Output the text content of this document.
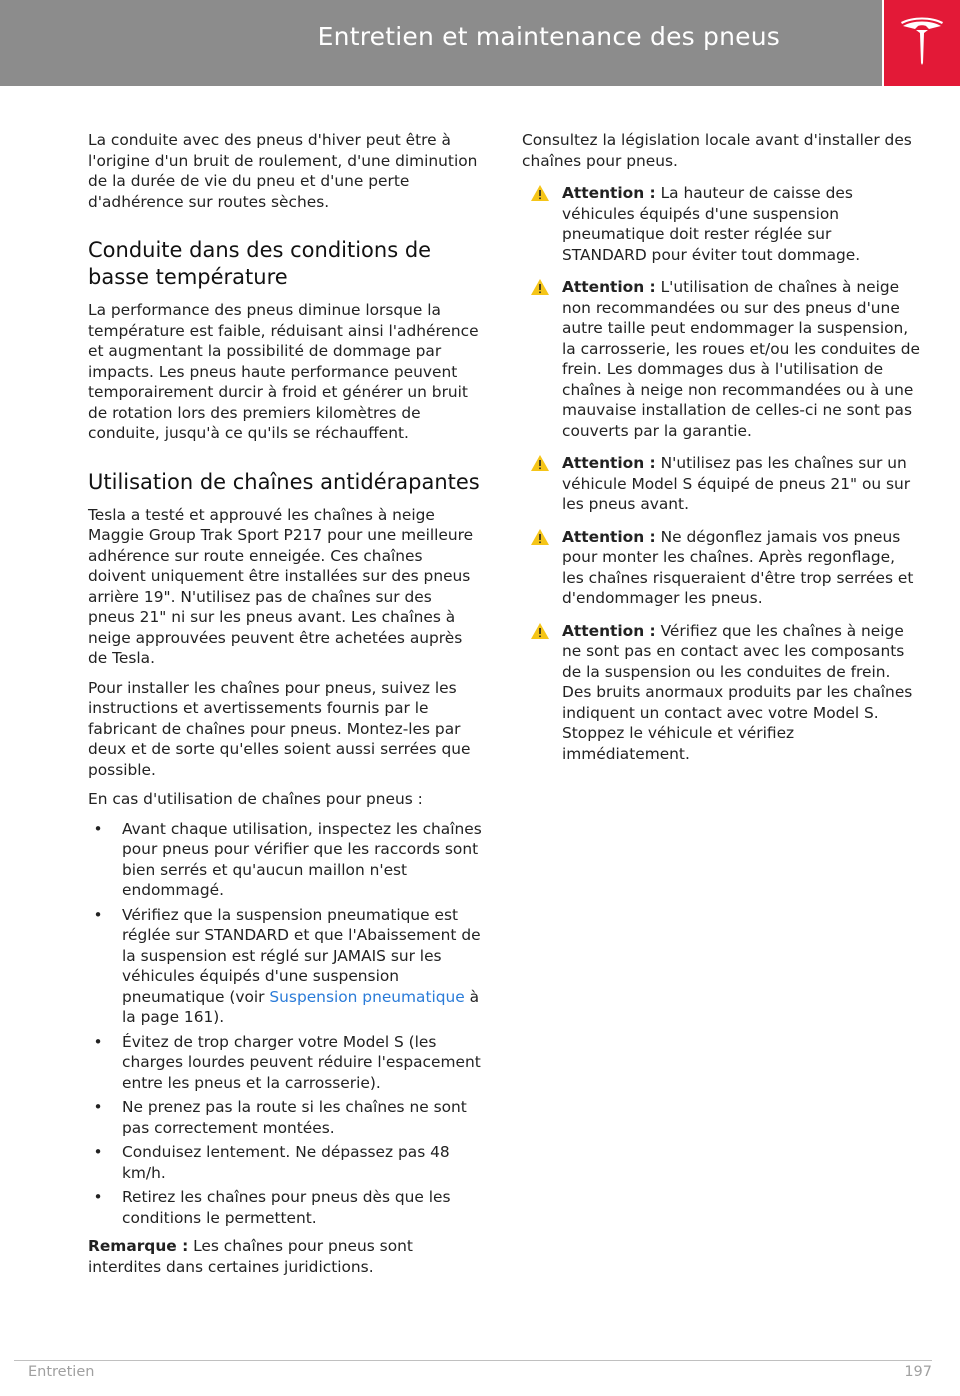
Entretien et maintenance des pneus

La conduite avec des pneus d'hiver peut être à l'origine d'un bruit de roulement, d'une diminution de la durée de vie du pneu et d'une perte d'adhérence sur routes sèches.

Conduite dans des conditions de basse température

La performance des pneus diminue lorsque la température est faible, réduisant ainsi l'adhérence et augmentant la possibilité de dommage par impacts. Les pneus haute performance peuvent temporairement durcir à froid et générer un bruit de rotation lors des premiers kilomètres de conduite, jusqu'à ce qu'ils se réchauffent.

Utilisation de chaînes antidérapantes

Tesla a testé et approuvé les chaînes à neige Maggie Group Trak Sport P217 pour une meilleure adhérence sur route enneigée. Ces chaînes doivent uniquement être installées sur des pneus arrière 19". N'utilisez pas de chaînes sur des pneus 21" ni sur les pneus avant. Les chaînes à neige approuvées peuvent être achetées auprès de Tesla.

Pour installer les chaînes pour pneus, suivez les instructions et avertissements fournis par le fabricant de chaînes pour pneus. Montez-les par deux et de sorte qu'elles soient aussi serrées que possible.

En cas d'utilisation de chaînes pour pneus :

•	Avant chaque utilisation, inspectez les chaînes pour pneus pour vérifier que les raccords sont bien serrés et qu'aucun maillon n'est endommagé.
•	Vérifiez que la suspension pneumatique est réglée sur STANDARD et que l'Abaissement de la suspension est réglé sur JAMAIS sur les véhicules équipés d'une suspension pneumatique (voir Suspension pneumatique à la page 161).
•	Évitez de trop charger votre Model S (les charges lourdes peuvent réduire l'espacement entre les pneus et la carrosserie).
•	Ne prenez pas la route si les chaînes ne sont pas correctement montées.
•	Conduisez lentement. Ne dépassez pas 48 km/h.
•	Retirez les chaînes pour pneus dès que les conditions le permettent.

Remarque : Les chaînes pour pneus sont interdites dans certaines juridictions.

Consultez la législation locale avant d'installer des chaînes pour pneus.

Attention : La hauteur de caisse des véhicules équipés d'une suspension pneumatique doit rester réglée sur STANDARD pour éviter tout dommage.

Attention : L'utilisation de chaînes à neige non recommandées ou sur des pneus d'une autre taille peut endommager la suspension, la carrosserie, les roues et/ou les conduites de frein. Les dommages dus à l'utilisation de chaînes à neige non recommandées ou à une mauvaise installation de celles-ci ne sont pas couverts par la garantie.

Attention : N'utilisez pas les chaînes sur un véhicule Model S équipé de pneus 21" ou sur les pneus avant.

Attention : Ne dégonflez jamais vos pneus pour monter les chaînes. Après regonflage, les chaînes risqueraient d'être trop serrées et d'endommager les pneus.

Attention : Vérifiez que les chaînes à neige ne sont pas en contact avec les composants de la suspension ou les conduites de frein. Des bruits anormaux produits par les chaînes indiquent un contact avec votre Model S. Stoppez le véhicule et vérifiez immédiatement.

Entretien	197
